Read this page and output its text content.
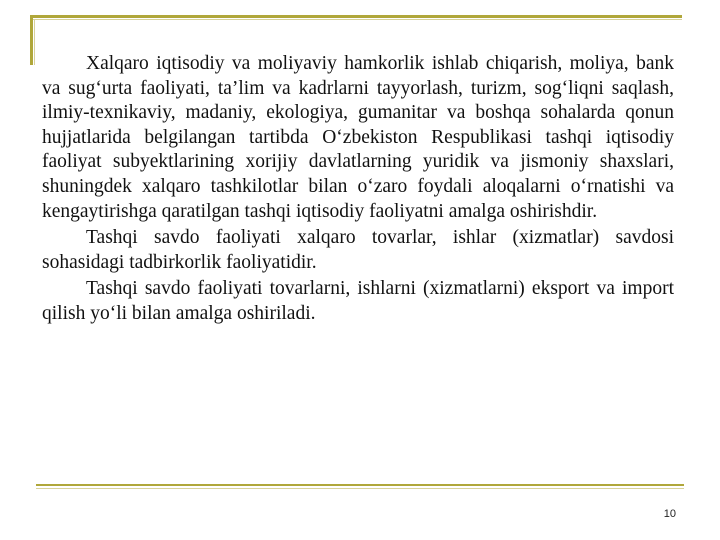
Xalqaro iqtisodiy va moliyaviy hamkorlik ishlab chiqarish, moliya, bank va sug‘urta faoliyati, ta’lim va kadrlarni tayyorlash, turizm, sog‘liqni saqlash, ilmiy-texnikaviy, madaniy, ekologiya, gumanitar va boshqa sohalarda qonun hujjatlarida belgilangan tartibda O‘zbekiston Respublikasi tashqi iqtisodiy faoliyat subyektlarining xorijiy davlatlarning yuridik va jismoniy shaxslari, shuningdek xalqaro tashkilotlar bilan o‘zaro foydali aloqalarni o‘rnatishi va kengaytirishga qaratilgan tashqi iqtisodiy faoliyatni amalga oshirishdir.

Tashqi savdo faoliyati xalqaro tovarlar, ishlar (xizmatlar) savdosi sohasidagi tadbirkorlik faoliyatidir.

Tashqi savdo faoliyati tovarlarni, ishlarni (xizmatlarni) eksport va import qilish yo‘li bilan amalga oshiriladi.

10
